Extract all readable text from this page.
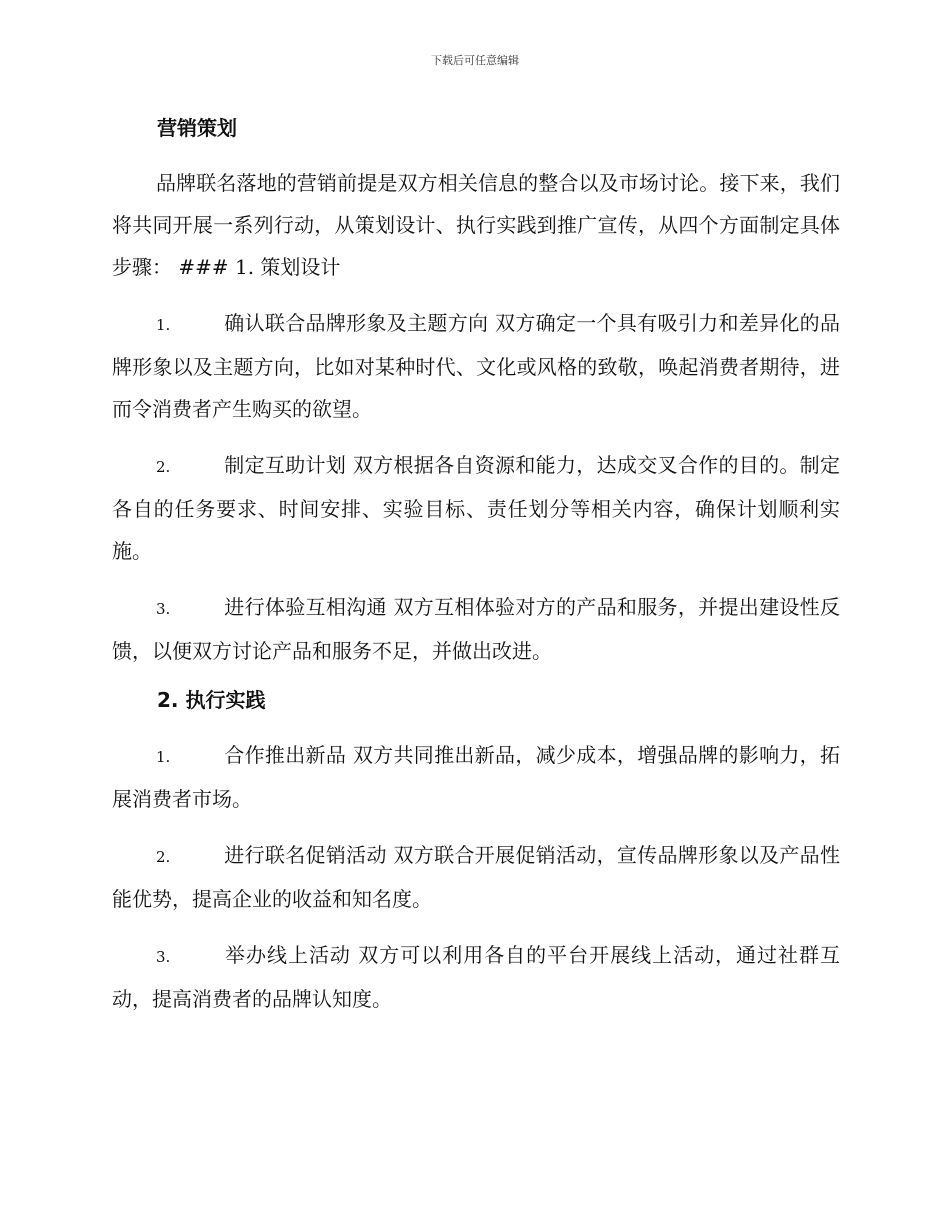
下载后可任意编辑
营销策划

品牌联名落地的营销前提是双方相关信息的整合以及市场讨论。接下来，我们将共同开展一系列行动，从策划设计、执行实践到推广宣传，从四个方面制定具体步骤： ### 1. 策划设计

1.	确认联合品牌形象及主题方向 双方确定一个具有吸引力和差异化的品牌形象以及主题方向，比如对某种时代、文化或风格的致敬，唤起消费者期待，进而令消费者产生购买的欲望。

2.	制定互助计划 双方根据各自资源和能力，达成交叉合作的目的。制定各自的任务要求、时间安排、实验目标、责任划分等相关内容，确保计划顺利实施。

3.	进行体验互相沟通 双方互相体验对方的产品和服务，并提出建设性反馈，以便双方讨论产品和服务不足，并做出改进。

2. 执行实践

1.	合作推出新品 双方共同推出新品，减少成本，增强品牌的影响力，拓展消费者市场。

2.	进行联名促销活动 双方联合开展促销活动，宣传品牌形象以及产品性能优势，提高企业的收益和知名度。

3.	举办线上活动 双方可以利用各自的平台开展线上活动，通过社群互动，提高消费者的品牌认知度。
